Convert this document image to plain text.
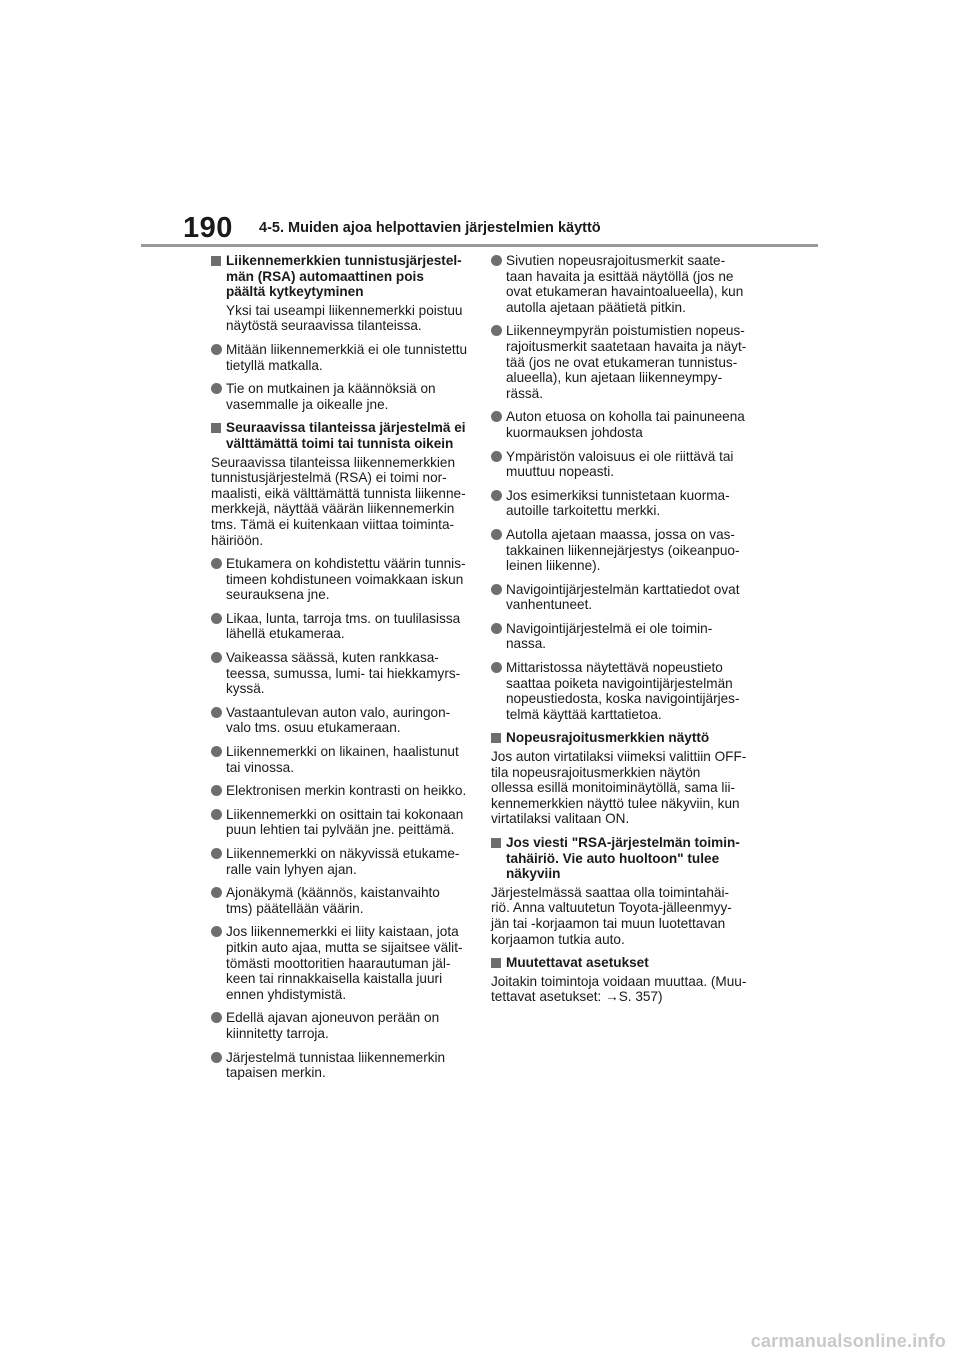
190 4-5. Muiden ajoa helpottavien järjestelmien käyttö
Liikennemerkkien tunnistusjärjestel-
män (RSA) automaattinen pois
päältä kytkeytyminen
Yksi tai useampi liikennemerkki poistuu
näytöstä seuraavissa tilanteissa.
Mitään liikennemerkkiä ei ole tunnistettu
tietyllä matkalla.
Tie on mutkainen ja käännöksiä on
vasemmalle ja oikealle jne.
Seuraavissa tilanteissa järjestelmä ei
välttämättä toimi tai tunnista oikein
Seuraavissa tilanteissa liikennemerkkien
tunnistusjärjestelmä (RSA) ei toimi nor-
maalisti, eikä välttämättä tunnista liikenne-
merkkejä, näyttää väärän liikennemerkin
tms. Tämä ei kuitenkaan viittaa toiminta-
häiriöön.
Etukamera on kohdistettu väärin tunnis-
timeen kohdistuneen voimakkaan iskun
seurauksena jne.
Likaa, lunta, tarroja tms. on tuulilasissa
lähellä etukameraa.
Vaikeassa säässä, kuten rankkasa-
teessa, sumussa, lumi- tai hiekkamyrs-
kyssä.
Vastaantulevan auton valo, auringon-
valo tms. osuu etukameraan.
Liikennemerkki on likainen, haalistunut
tai vinossa.
Elektronisen merkin kontrasti on heikko.
Liikennemerkki on osittain tai kokonaan
puun lehtien tai pylvään jne. peittämä.
Liikennemerkki on näkyvissä etukame-
ralle vain lyhyen ajan.
Ajonäkymä (käännös, kaistanvaihto
tms) päätellään väärin.
Jos liikennemerkki ei liity kaistaan, jota
pitkin auto ajaa, mutta se sijaitsee välit-
tömästi moottoritien haarautuman jäl-
keen tai rinnakkaisella kaistalla juuri
ennen yhdistymistä.
Edellä ajavan ajoneuvon perään on
kiinnitetty tarroja.
Järjestelmä tunnistaa liikennemerkin
tapaisen merkin.
Sivutien nopeusrajoitusmerkit saate-
taan havaita ja esittää näytöllä (jos ne
ovat etukameran havaintoalueella), kun
autolla ajetaan päätietä pitkin.
Liikenneympyrän poistumistien nopeus-
rajoitusmerkit saatetaan havaita ja näyt-
tää (jos ne ovat etukameran tunnistus-
alueella), kun ajetaan liikenneympy-
rässä.
Auton etuosa on koholla tai painuneena
kuormauksen johdosta
Ympäristön valoisuus ei ole riittävä tai
muuttuu nopeasti.
Jos esimerkiksi tunnistetaan kuorma-
autoille tarkoitettu merkki.
Autolla ajetaan maassa, jossa on vas-
takkainen liikennejärjestys (oikeanpuo-
leinen liikenne).
Navigointijärjestelmän karttatiedot ovat
vanhentuneet.
Navigointijärjestelmä ei ole toimin-
nassa.
Mittaristossa näytettävä nopeustieto
saattaa poiketa navigointijärjestelmän
nopeustiedosta, koska navigointijärjes-
telmä käyttää karttatietoa.
Nopeusrajoitusmerkkien näyttö
Jos auton virtatilaksi viimeksi valittiin OFF-
tila nopeusrajoitusmerkkien näytön
ollessa esillä monitoiminäytöllä, sama lii-
kennemerkkien näyttö tulee näkyviin, kun
virtatilaksi valitaan ON.
Jos viesti "RSA-järjestelmän toimin-
tahäiriö. Vie auto huoltoon" tulee
näkyviin
Järjestelmässä saattaa olla toimintahäi-
riö. Anna valtuutetun Toyota-jälleenmyy-
jän tai -korjaamon tai muun luotettavan
korjaamon tutkia auto.
Muutettavat asetukset
Joitakin toimintoja voidaan muuttaa. (Muu-
tettavat asetukset: →S. 357)
carmanualsonline.info
